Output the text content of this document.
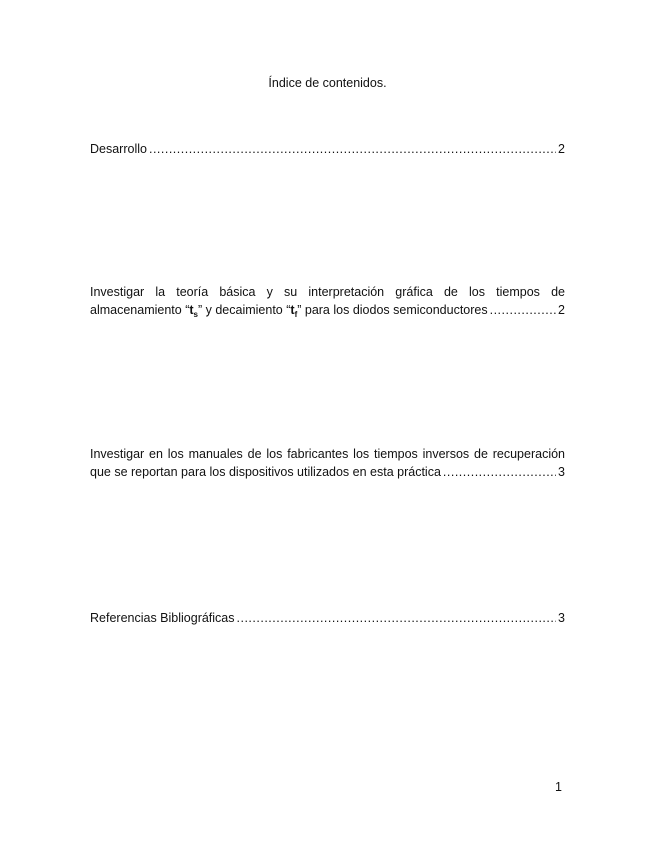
Índice de contenidos.
Desarrollo .....	2
Investigar la teoría básica y su interpretación gráfica de los tiempos de
almacenamiento “$t_s$” y decaimiento “$t_f$” para los diodos semiconductores .....	2
Investigar en los manuales de los fabricantes los tiempos inversos de recuperación
que se reportan para los dispositivos utilizados en esta práctica .....	3
Referencias Bibliográficas .....	3
1
